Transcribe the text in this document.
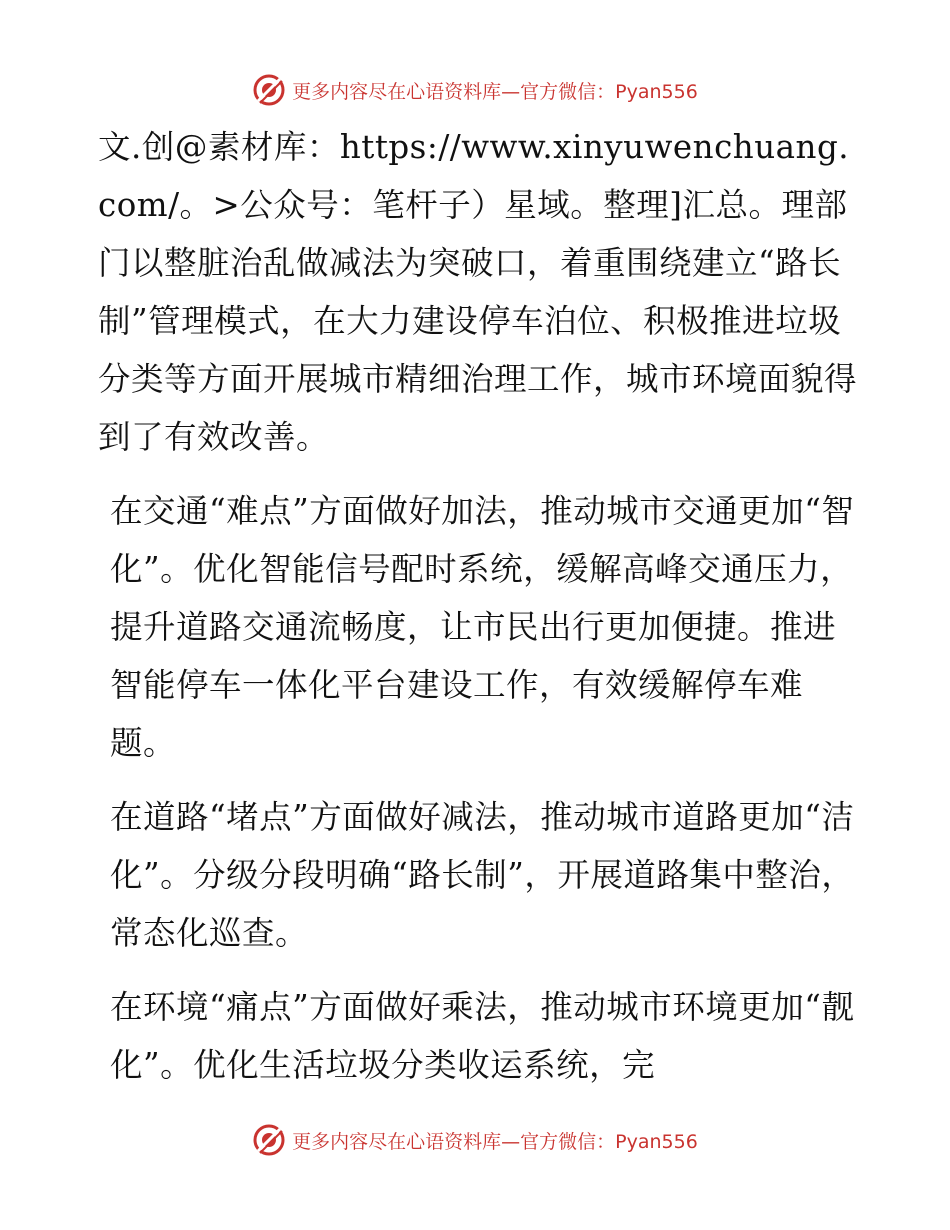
更多内容尽在心语资料库—官方微信：Pyan556

文.创@素材库：https://www.xinyuwenchuang.com/。>公众号：笔杆子）星域。整理]汇总。理部门以整脏治乱做减法为突破口，着重围绕建立“路长制”管理模式，在大力建设停车泊位、积极推进垃圾分类等方面开展城市精细治理工作，城市环境面貌得到了有效改善。

在交通“难点”方面做好加法，推动城市交通更加“智化”。优化智能信号配时系统，缓解高峰交通压力，提升道路交通流畅度，让市民出行更加便捷。推进智能停车一体化平台建设工作，有效缓解停车难题。

在道路“堵点”方面做好减法，推动城市道路更加“洁化”。分级分段明确“路长制”，开展道路集中整治，常态化巡查。

在环境“痛点”方面做好乘法，推动城市环境更加“靓化”。优化生活垃圾分类收运系统，完

更多内容尽在心语资料库—官方微信：Pyan556
